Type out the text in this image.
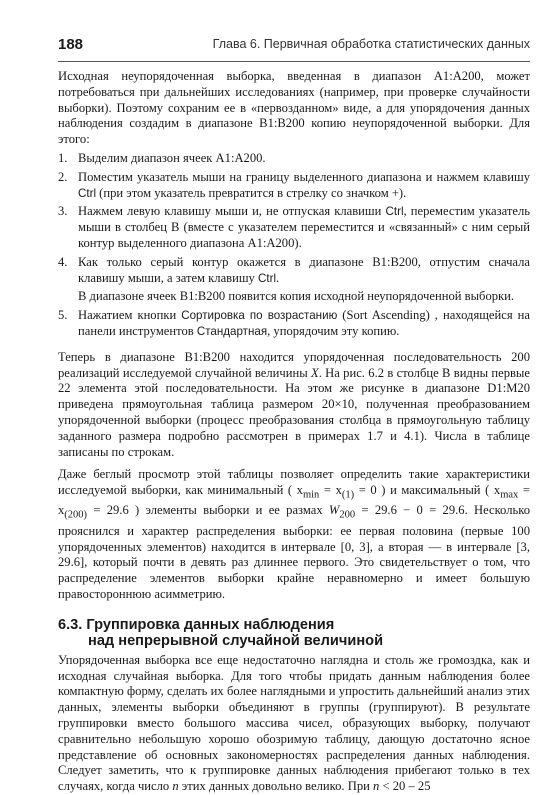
188	Глава 6. Первичная обработка статистических данных

Исходная неупорядоченная выборка, введенная в диапазон A1:A200, может потребоваться при дальнейших исследованиях (например, при проверке случайности выборки). Поэтому сохраним ее в «первозданном» виде, а для упорядочения данных наблюдения создадим в диапазоне B1:B200 копию неупорядоченной выборки. Для этого:

1. Выделим диапазон ячеек A1:A200.
2. Поместим указатель мыши на границу выделенного диапазона и нажмем клавишу Ctrl (при этом указатель превратится в стрелку со значком +).
3. Нажмем левую клавишу мыши и, не отпуская клавиши Ctrl, переместим указатель мыши в столбец B (вместе с указателем переместится и «связанный» с ним серый контур выделенного диапазона A1:A200).
4. Как только серый контур окажется в диапазоне B1:B200, отпустим сначала клавишу мыши, а затем клавишу Ctrl.
В диапазоне ячеек B1:B200 появится копия исходной неупорядоченной выборки.
5. Нажатием кнопки Сортировка по возрастанию (Sort Ascending) , находящейся на панели инструментов Стандартная, упорядочим эту копию.

Теперь в диапазоне B1:B200 находится упорядоченная последовательность 200 реализаций исследуемой случайной величины X. На рис. 6.2 в столбце B видны первые 22 элемента этой последовательности. На этом же рисунке в диапазоне D1:M20 приведена прямоугольная таблица размером 20×10, полученная преобразованием упорядоченной выборки (процесс преобразования столбца в прямоугольную таблицу заданного размера подробно рассмотрен в примерах 1.7 и 4.1). Числа в таблице записаны по строкам.

Даже беглый просмотр этой таблицы позволяет определить такие характеристики исследуемой выборки, как минимальный ( $x_{min} = x_{(1)} = 0$ ) и максимальный ( $x_{max} = x_{(200)} = 29.6$ ) элементы выборки и ее размах $W_{200} = 29.6 - 0 = 29.6$. Несколько прояснился и характер распределения выборки: ее первая половина (первые 100 упорядоченных элементов) находится в интервале [0, 3], а вторая — в интервале [3, 29.6], который почти в девять раз длиннее первого. Это свидетельствует о том, что распределение элементов выборки крайне неравномерно и имеет большую правостороннюю асимметрию.

6.3. Группировка данных наблюдения
над непрерывной случайной величиной

Упорядоченная выборка все еще недостаточно наглядна и столь же громоздка, как и исходная случайная выборка. Для того чтобы придать данным наблюдения более компактную форму, сделать их более наглядными и упростить дальнейший анализ этих данных, элементы выборки объединяют в группы (группируют). В результате группировки вместо большого массива чисел, образующих выборку, получают сравнительно небольшую хорошо обозримую таблицу, дающую достаточно ясное представление об основных закономерностях распределения данных наблюдения. Следует заметить, что к группировке данных наблюдения прибегают только в тех случаях, когда число n этих данных довольно велико. При n < 20 – 25
